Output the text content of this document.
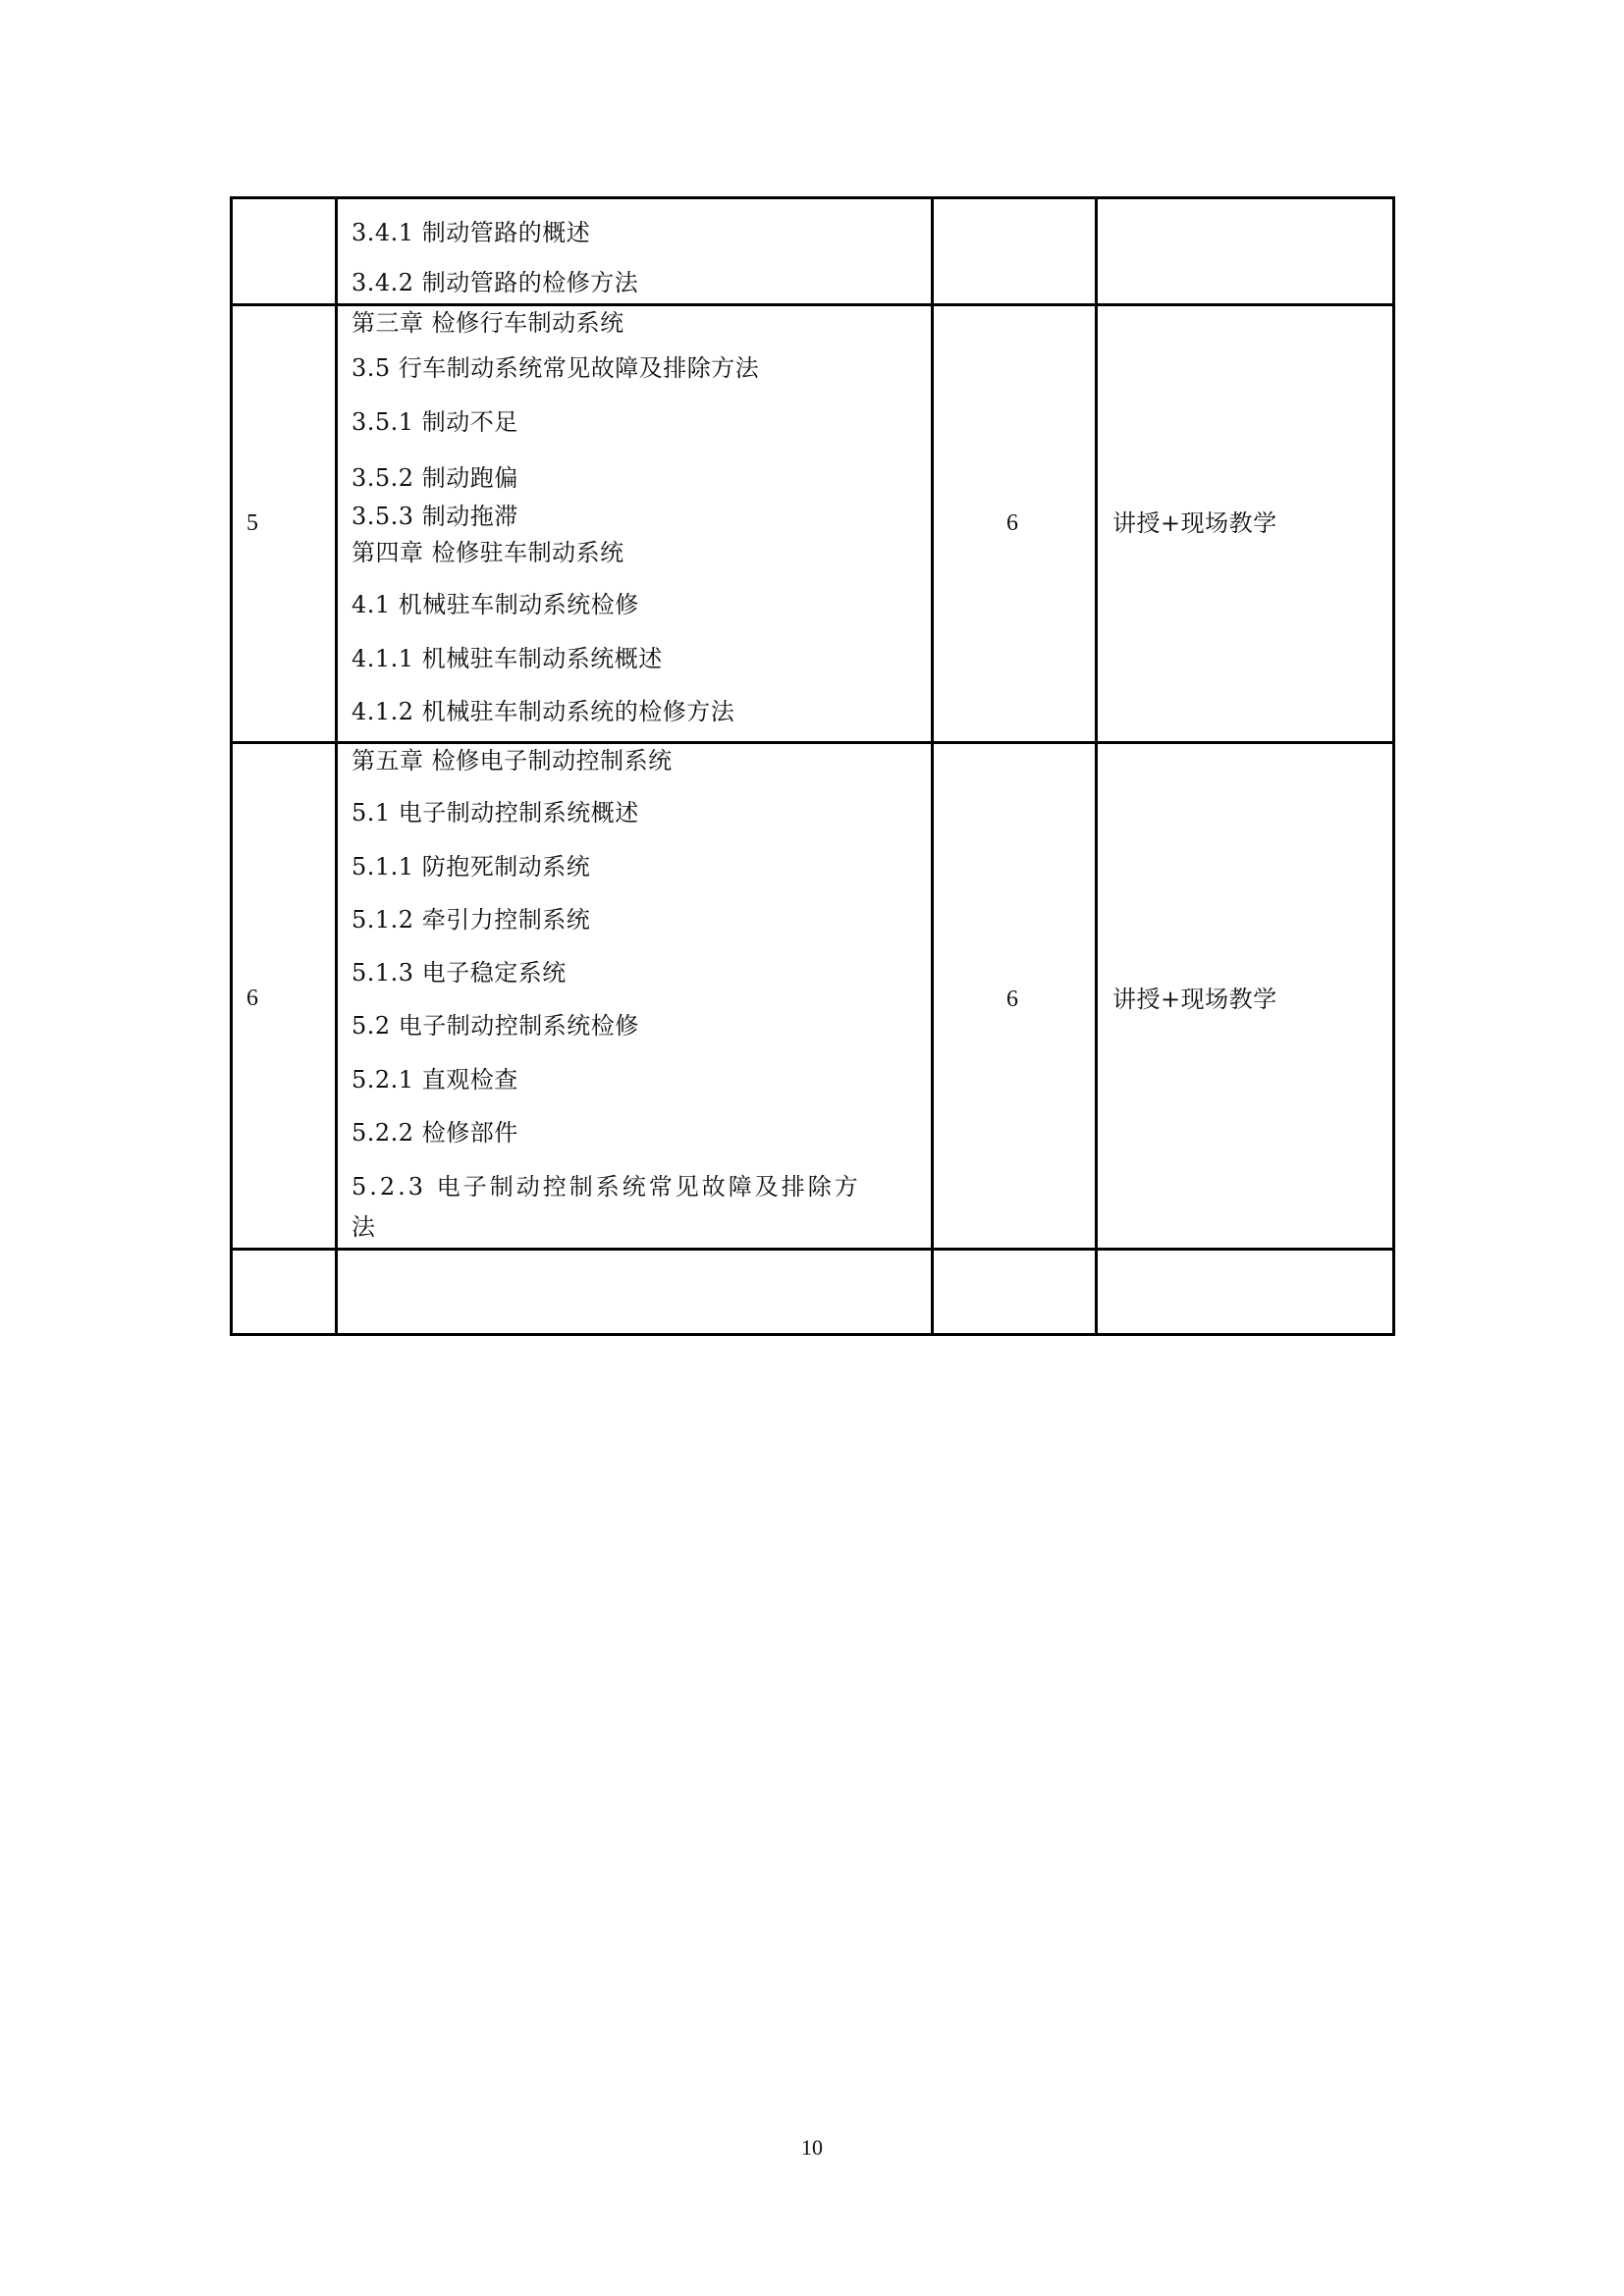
3.4.1 制动管路的概述
3.4.2 制动管路的检修方法
5
第三章 检修行车制动系统
3.5 行车制动系统常见故障及排除方法
3.5.1 制动不足
3.5.2 制动跑偏
3.5.3 制动拖滞
第四章 检修驻车制动系统
4.1 机械驻车制动系统检修
4.1.1 机械驻车制动系统概述
4.1.2 机械驻车制动系统的检修方法
6	讲授+现场教学
6
第五章 检修电子制动控制系统
5.1 电子制动控制系统概述
5.1.1 防抱死制动系统
5.1.2 牵引力控制系统
5.1.3 电子稳定系统
5.2 电子制动控制系统检修
5.2.1 直观检查
5.2.2 检修部件
5.2.3 电子制动控制系统常见故障及排除方
法
6	讲授+现场教学
10
